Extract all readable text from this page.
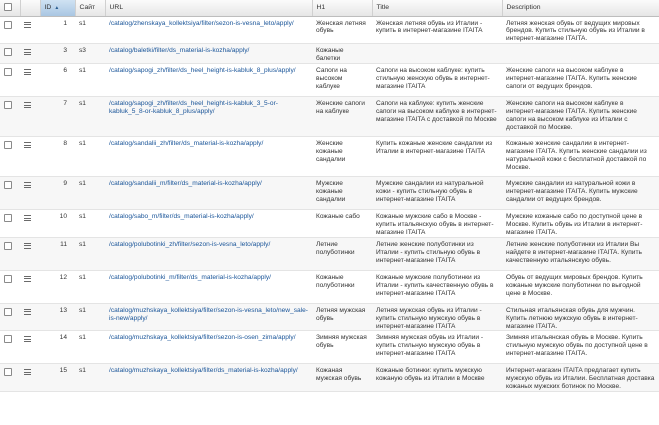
		ID ▲	Сайт	URL	H1	Title	Description

	1	s1	/catalog/zhenskaya_kollektsiya/filter/sezon-is-vesna_leto/apply/	Женская летняя обувь	Женская летняя обувь из Италии - купить в интернет-магазине ITAITA	Летняя женская обувь от ведущих мировых брендов. Купить стильную обувь из Италии в интернет-магазине ITAITA.

	3	s3	/catalog/baletki/filter/ds_material-is-kozha/apply/	Кожаные балетки		

	6	s1	/catalog/sapogi_zh/filter/ds_heel_height-is-kabluk_8_plus/apply/	Сапоги на высоком каблуке	Сапоги на высоком каблуке: купить стильную женскую обувь в интернет-магазине ITAITA	Женские сапоги на высоком каблуке в интернет-магазине ITAITA. Купить женские сапоги от ведущих брендов.

	7	s1	/catalog/sapogi_zh/filter/ds_heel_height-is-kabluk_3_5-or-kabluk_5_8-or-kabluk_8_plus/apply/	Женские сапоги на каблуке	Сапоги на каблуке: купить женские сапоги на высоком каблуке в интернет-магазине ITAITA с доставкой по Москве	Женские сапоги на высоком каблуке в интернет-магазине ITAITA. Купить женские сапоги на высоком каблуке из Италии с доставкой по Москве.

	8	s1	/catalog/sandalii_zh/filter/ds_material-is-kozha/apply/	Женские кожаные сандалии	Купить кожаные женские сандалии из Италии в интернет-магазине ITAITA	Кожаные женские сандалии в интернет-магазине ITAITA. Купить женские сандалии из натуральной кожи с бесплатной доставкой по Москве.

	9	s1	/catalog/sandalii_m/filter/ds_material-is-kozha/apply/	Мужские кожаные сандалии	Мужские сандалии из натуральной кожи - купить стильную обувь в интернет-магазине ITAITA	Мужские сандалии из натуральной кожи в интернет-магазине ITAITA. Купить мужские сандалии от ведущих брендов.

	10	s1	/catalog/sabo_m/filter/ds_material-is-kozha/apply/	Кожаные сабо	Кожаные мужские сабо в Москве - купить итальянскую обувь в интернет-магазине ITAITA	Мужские кожаные сабо по доступной цене в Москве. Купить обувь из Италии в интернет-магазине ITAITA.

	11	s1	/catalog/polubotinki_zh/filter/sezon-is-vesna_leto/apply/	Летние полуботинки	Летние женские полуботинки из Италии - купить стильную обувь в интернет-магазине ITAITA	Летние женские полуботинки из Италии Вы найдете в интернет-магазине ITAITA. Купить качественную итальянскую обувь.

	12	s1	/catalog/polubotinki_m/filter/ds_material-is-kozha/apply/	Кожаные полуботинки	Кожаные мужские полуботинки из Италии - купить качественную обувь в интернет-магазине ITAITA	Обувь от ведущих мировых брендов. Купить кожаные мужские полуботинки по выгодной цене в Москве.

	13	s1	/catalog/muzhskaya_kollektsiya/filter/sezon-is-vesna_leto/new_sale-is-new/apply/	Летняя мужская обувь	Летняя мужская обувь из Италии - купить стильную мужскую обувь в интернет-магазине ITAITA	Стильная итальянская обувь для мужчин. Купить летнюю мужскую обувь в интернет-магазине ITAITA.

	14	s1	/catalog/muzhskaya_kollektsiya/filter/sezon-is-osen_zima/apply/	Зимняя мужская обувь	Зимняя мужская обувь из Италии - купить стильную мужскую обувь в интернет-магазине ITAITA	Зимняя итальянская обувь в Москве. Купить стильную мужскую обувь по доступной цене в интернет-магазине ITAITA.

	15	s1	/catalog/muzhskaya_kollektsiya/filter/ds_material-is-kozha/apply/	Кожаная мужская обувь	Кожаные ботинки: купить мужскую кожаную обувь из Италии в Москве	Интернет-магазин ITAITA предлагает купить мужскую обувь из Италии. Бесплатная доставка кожаных мужских ботинок по Москве.
